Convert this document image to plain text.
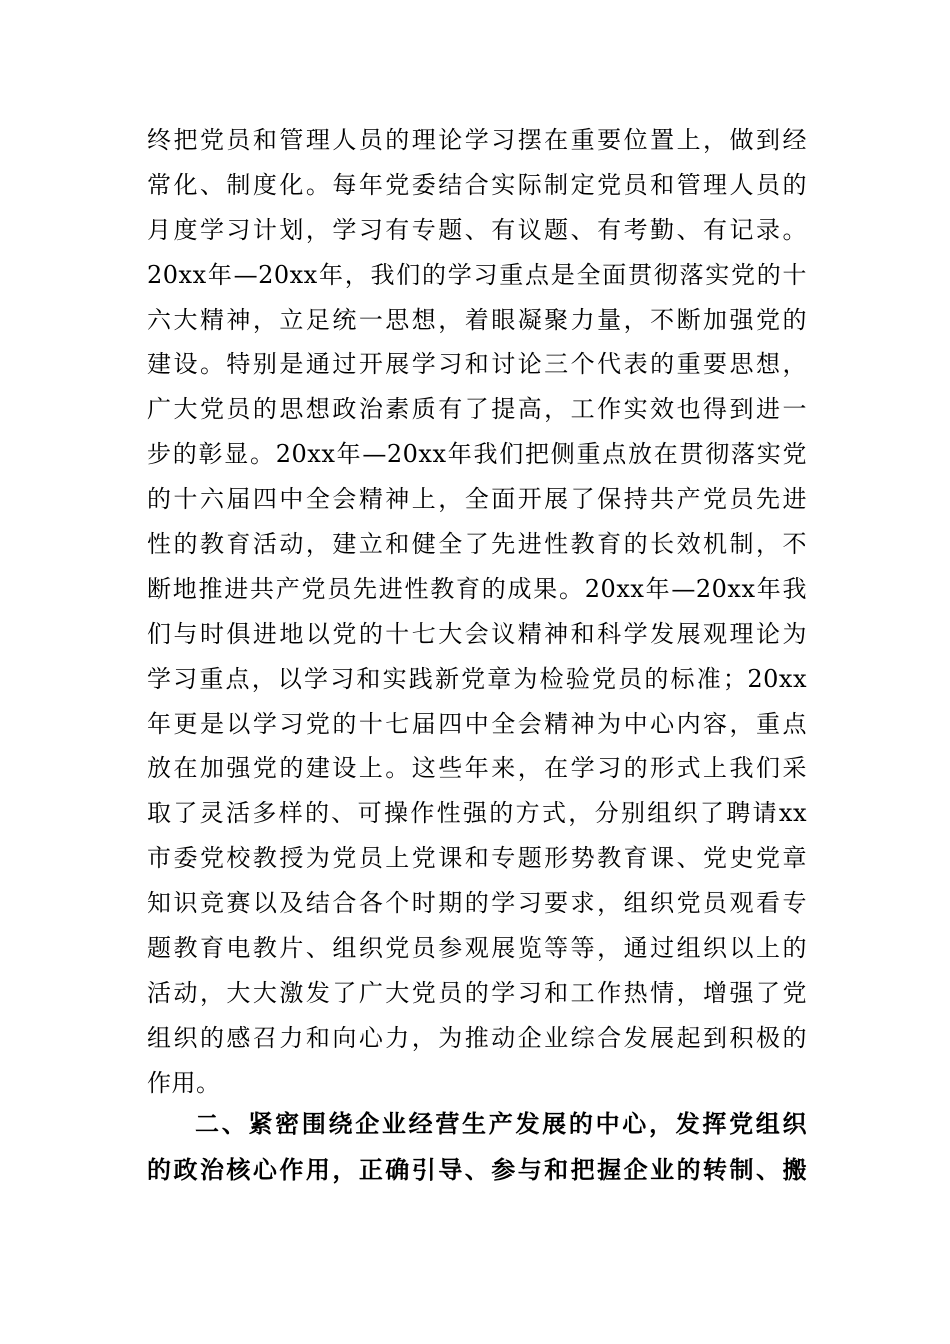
终把党员和管理人员的理论学习摆在重要位置上，做到经
常化、制度化。每年党委结合实际制定党员和管理人员的
月度学习计划，学习有专题、有议题、有考勤、有记录。
20xx年—20xx年，我们的学习重点是全面贯彻落实党的十
六大精神，立足统一思想，着眼凝聚力量，不断加强党的
建设。特别是通过开展学习和讨论三个代表的重要思想，
广大党员的思想政治素质有了提高，工作实效也得到进一
步的彰显。20xx年—20xx年我们把侧重点放在贯彻落实党
的十六届四中全会精神上，全面开展了保持共产党员先进
性的教育活动，建立和健全了先进性教育的长效机制，不
断地推进共产党员先进性教育的成果。20xx年—20xx年我
们与时俱进地以党的十七大会议精神和科学发展观理论为
学习重点，以学习和实践新党章为检验党员的标准；20xx
年更是以学习党的十七届四中全会精神为中心内容，重点
放在加强党的建设上。这些年来，在学习的形式上我们采
取了灵活多样的、可操作性强的方式，分别组织了聘请xx
市委党校教授为党员上党课和专题形势教育课、党史党章
知识竞赛以及结合各个时期的学习要求，组织党员观看专
题教育电教片、组织党员参观展览等等，通过组织以上的
活动，大大激发了广大党员的学习和工作热情，增强了党
组织的感召力和向心力，为推动企业综合发展起到积极的
作用。
二、紧密围绕企业经营生产发展的中心，发挥党组织
的政治核心作用，正确引导、参与和把握企业的转制、搬
